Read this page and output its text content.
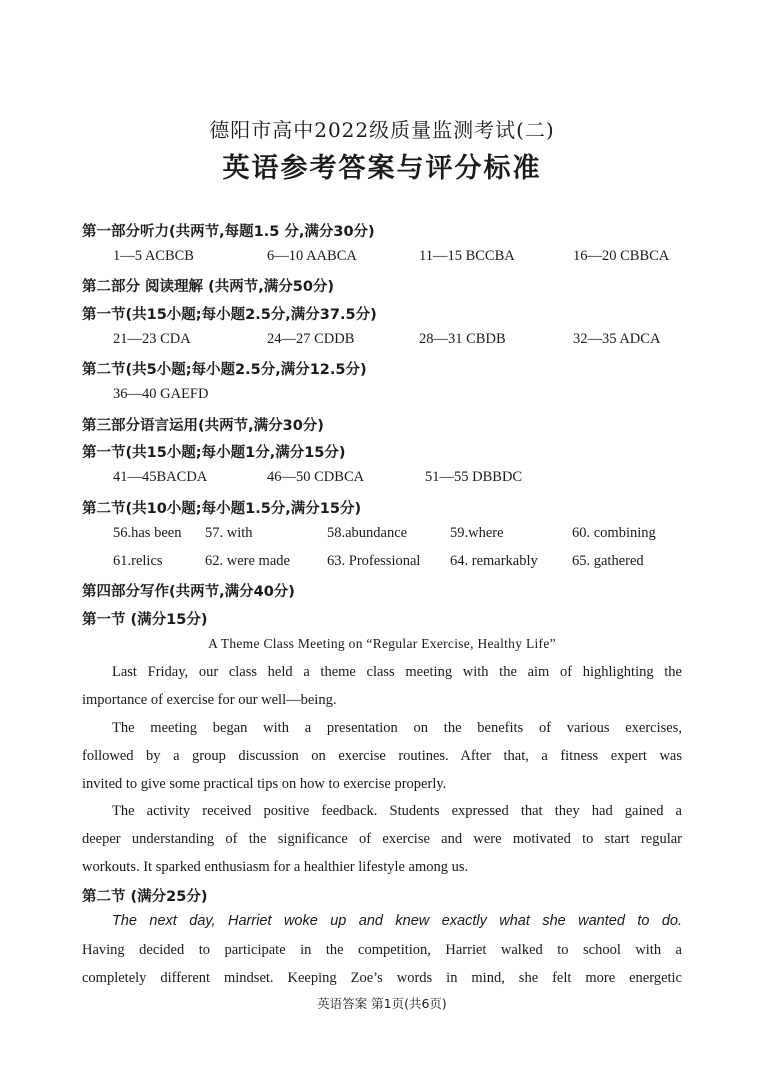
德阳市高中2022级质量监测考试(二)
英语参考答案与评分标准
第一部分听力(共两节,每题1.5 分,满分30分)
1—5 ACBCB	6—10 AABCA	11—15 BCCBA	16—20 CBBCA
第二部分 阅读理解 (共两节,满分50分)
第一节(共15小题;每小题2.5分,满分37.5分)
21—23 CDA	24—27 CDDB	28—31 CBDB	32—35 ADCA
第二节(共5小题;每小题2.5分,满分12.5分)
36—40 GAEFD
第三部分语言运用(共两节,满分30分)
第一节(共15小题;每小题1分,满分15分)
41—45BACDA	46—50 CDBCA	51—55 DBBDC
第二节(共10小题;每小题1.5分,满分15分)
56.has been 57. with	58.abundance	59.where	60. combining
61.relics	62. were made	63. Professional 64. remarkably 65. gathered
第四部分写作(共两节,满分40分)
第一节 (满分15分)
A Theme Class Meeting on “Regular Exercise, Healthy Life”
Last Friday, our class held a theme class meeting with the aim of highlighting the
importance of exercise for our well—being.
The meeting began with a presentation on the benefits of various exercises,
followed by a group discussion on exercise routines. After that, a fitness expert was
invited to give some practical tips on how to exercise properly.
The activity received positive feedback. Students expressed that they had gained a
deeper understanding of the significance of exercise and were motivated to start regular
workouts. It sparked enthusiasm for a healthier lifestyle among us.
第二节 (满分25分)
The next day, Harriet woke up and knew exactly what she wanted to do.
Having decided to participate in the competition, Harriet walked to school with a
completely different mindset. Keeping Zoe’s words in mind, she felt more energetic
英语答案 第1页(共6页)
